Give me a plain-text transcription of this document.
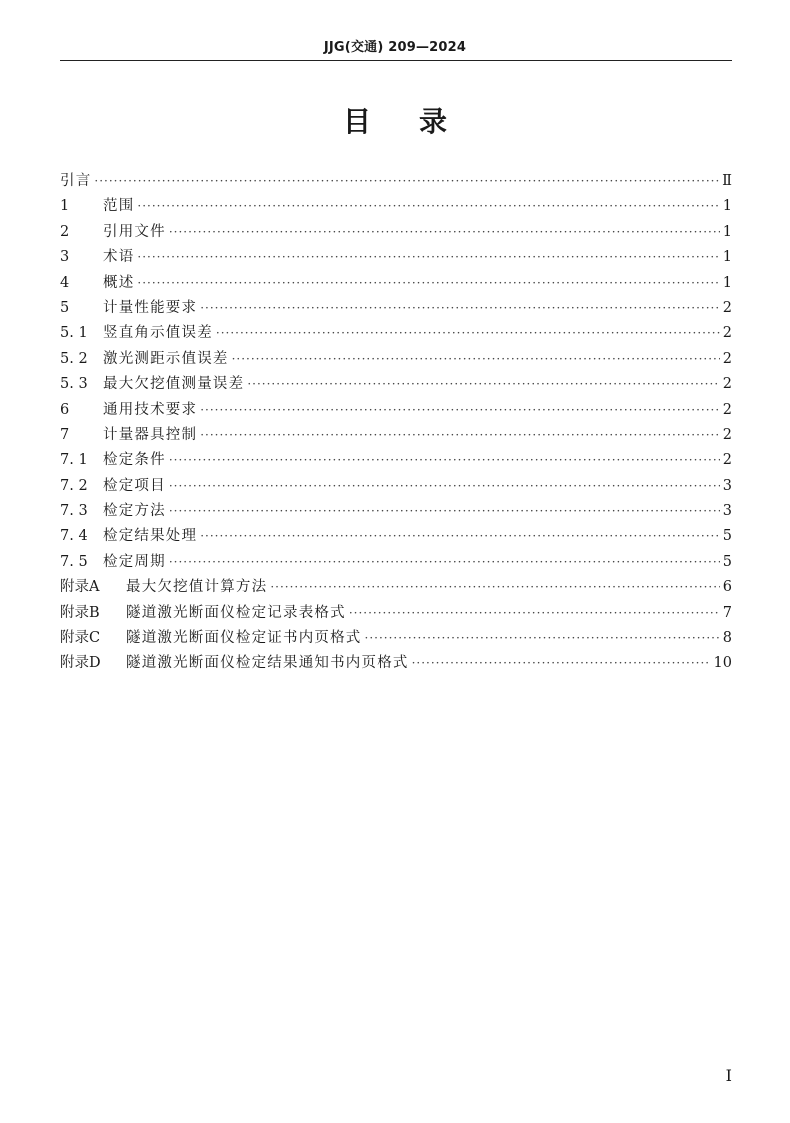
JJG(交通) 209—2024
目录
引言 ·····	Ⅱ
1	范围 ·····	1
2	引用文件 ·····	1
3	术语 ·····	1
4	概述 ·····	1
5	计量性能要求 ·····	2
5. 1	竖直角示值误差 ·····	2
5. 2	激光测距示值误差 ·····	2
5. 3	最大欠挖值测量误差 ·····	2
6	通用技术要求 ·····	2
7	计量器具控制 ·····	2
7. 1	检定条件 ·····	2
7. 2	检定项目 ·····	3
7. 3	检定方法 ·····	3
7. 4	检定结果处理 ·····	5
7. 5	检定周期 ·····	5
附录A	最大欠挖值计算方法 ·····	6
附录B	隧道激光断面仪检定记录表格式 ·····	7
附录C	隧道激光断面仪检定证书内页格式 ·····	8
附录D	隧道激光断面仪检定结果通知书内页格式 ·····	10
I
